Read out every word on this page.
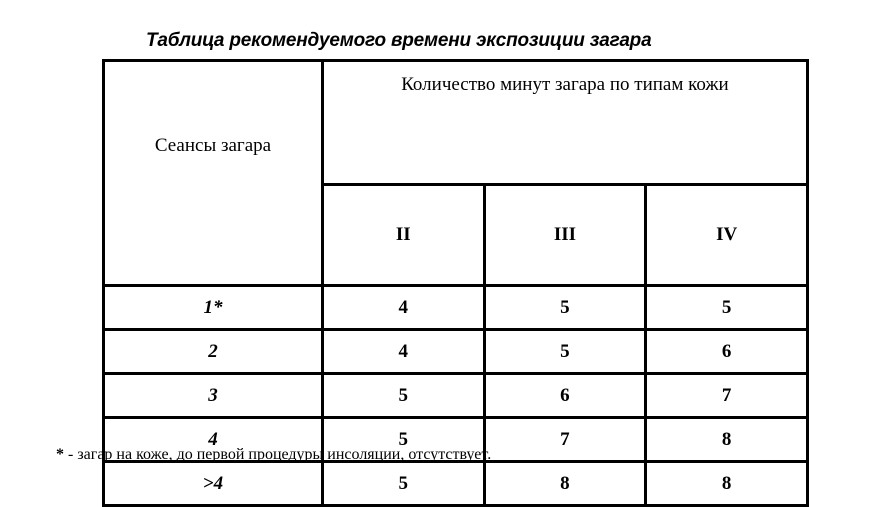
Таблица рекомендуемого времени экспозиции загара
Сеансы загара	Количество минут загара по типам кожи		
	II	III	IV
1*	4	5	5
2	4	5	6
3	5	6	7
4	5	7	8
>4	5	8	8
* - загар на коже, до первой процедуры инсоляции, отсутствует.
